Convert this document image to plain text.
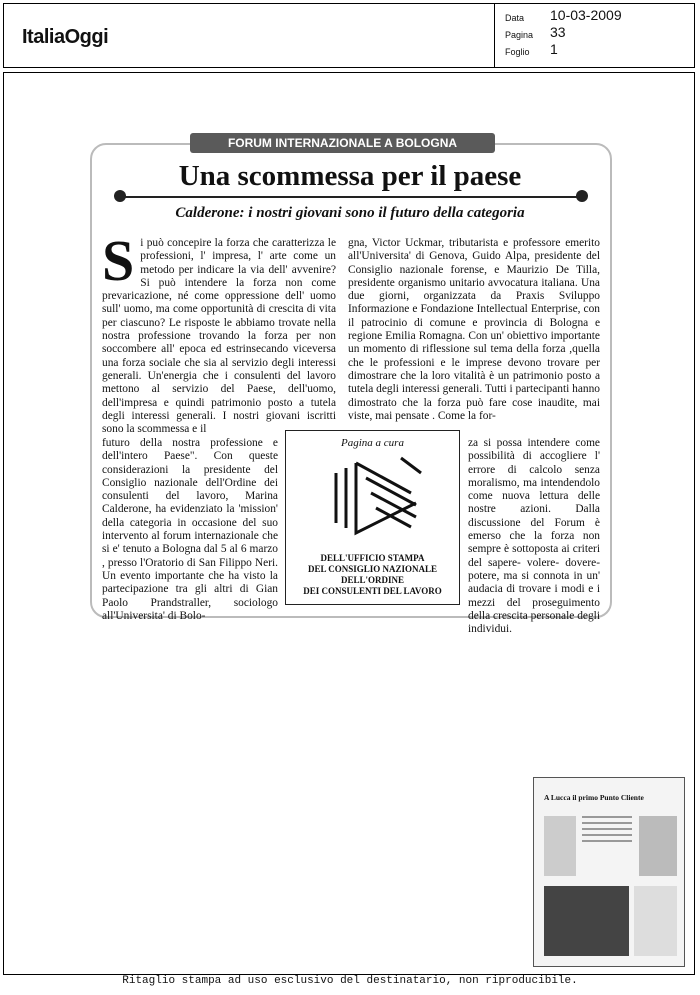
ItaliaOggi
Data 10-03-2009
Pagina 33
Foglio 1
FORUM INTERNAZIONALE A BOLOGNA
Una scommessa per il paese
Calderone: i nostri giovani sono il futuro della categoria
S i può concepire la forza che caratterizza le professioni, l' impresa, l' arte come un metodo per indicare la via dell' avvenire? Si può intendere la forza non come prevaricazione, né come oppressione dell' uomo sull' uomo, ma come opportunità di crescita di vita per ciascuno? Le risposte le abbiamo trovate nella nostra professione trovando la forza per non soccombere all' epoca ed estrinsecando viceversa una forza sociale che sia al servizio degli interessi generali. Un'energia che i consulenti del lavoro mettono al servizio del Paese, dell'uomo, dell'impresa e quindi patrimonio posto a tutela degli interessi generali. I nostri giovani iscritti sono la scommessa e il
futuro della nostra professione e dell'intero Paese". Con queste considerazioni la presidente del Consiglio nazionale dell'Ordine dei consulenti del lavoro, Marina Calderone, ha evidenziato la 'mission' della categoria in occasione del suo intervento al forum internazionale che si e' tenuto a Bologna dal 5 al 6 marzo , presso l'Oratorio di San Filippo Neri. Un evento importante che ha visto la partecipazione tra gli altri di Gian Paolo Prandstraller, sociologo all'Universita' di Bolo-
gna, Victor Uckmar, tributarista e professore emerito all'Universita' di Genova, Guido Alpa, presidente del Consiglio nazionale forense, e Maurizio De Tilla, presidente organismo unitario avvocatura italiana. Una due giorni, organizzata da Praxis Sviluppo Informazione e Fondazione Intellectual Enterprise, con il patrocinio di comune e provincia di Bologna e regione Emilia Romagna. Con un' obiettivo importante un momento di riflessione sul tema della forza ,quella che le professioni e le imprese devono trovare per dimostrare che la loro vitalità è un patrimonio posto a tutela degli interessi generali. Tutti i partecipanti hanno dimostrato che la forza può fare cose inaudite, mai viste, mai pensate . Come la for-
za si possa intendere come possibilità di accogliere l' errore di calcolo senza moralismo, ma intendendolo come nuova lettura delle nostre azioni. Dalla discussione del Forum è emerso che la forza non sempre è sottoposta ai criteri del sapere- volere- dovere- potere, ma si connota in un' audacia di trovare i modi e i mezzi del proseguimento della crescita personale degli individui.
Pagina a cura
DELL'UFFICIO STAMPA
DEL CONSIGLIO NAZIONALE
DELL'ORDINE
DEI CONSULENTI DEL LAVORO
A Lucca il primo Punto Cliente
Ritaglio stampa ad uso esclusivo del destinatario, non riproducibile.
